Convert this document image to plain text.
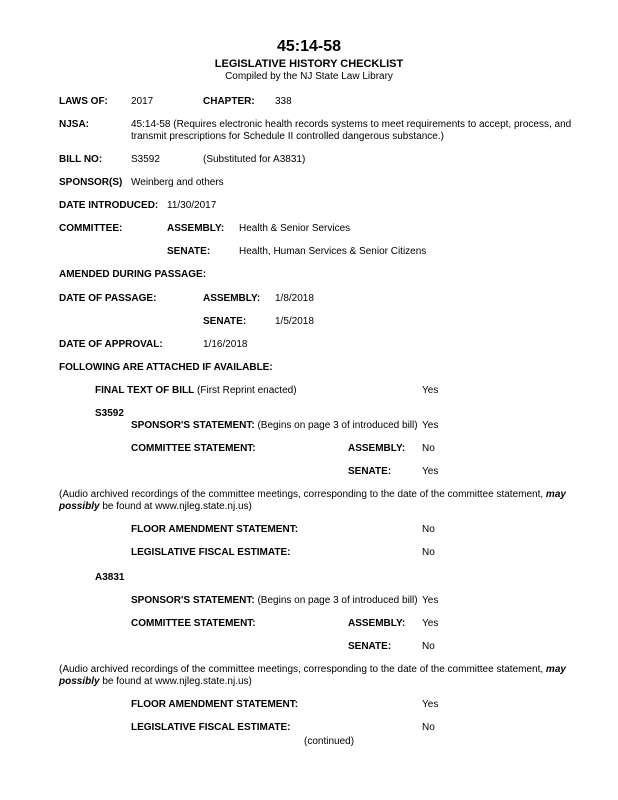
45:14-58
LEGISLATIVE HISTORY CHECKLIST
Compiled by the NJ State Law Library
LAWS OF: 2017	CHAPTER: 338
NJSA:	45:14-58 (Requires electronic health records systems to meet requirements to accept, process, and transmit prescriptions for Schedule II controlled dangerous substance.)
BILL NO:	S3592	(Substituted for A3831)
SPONSOR(S) Weinberg and others
DATE INTRODUCED: 11/30/2017
COMMITTEE:	ASSEMBLY: Health & Senior Services
SENATE:	Health, Human Services & Senior Citizens
AMENDED DURING PASSAGE:
DATE OF PASSAGE:	ASSEMBLY: 1/8/2018
SENATE:	1/5/2018
DATE OF APPROVAL:	1/16/2018
FOLLOWING ARE ATTACHED IF AVAILABLE:
FINAL TEXT OF BILL (First Reprint enacted)	Yes
S3592
SPONSOR'S STATEMENT: (Begins on page 3 of introduced bill) Yes
COMMITTEE STATEMENT:	ASSEMBLY: No
SENATE:	Yes
(Audio archived recordings of the committee meetings, corresponding to the date of the committee statement, may possibly be found at www.njleg.state.nj.us)
FLOOR AMENDMENT STATEMENT:	No
LEGISLATIVE FISCAL ESTIMATE:	No
A3831
SPONSOR'S STATEMENT: (Begins on page 3 of introduced bill) Yes
COMMITTEE STATEMENT:	ASSEMBLY: Yes
SENATE:	No
(Audio archived recordings of the committee meetings, corresponding to the date of the committee statement, may possibly be found at www.njleg.state.nj.us)
FLOOR AMENDMENT STATEMENT:	Yes
LEGISLATIVE FISCAL ESTIMATE:	No
(continued)
